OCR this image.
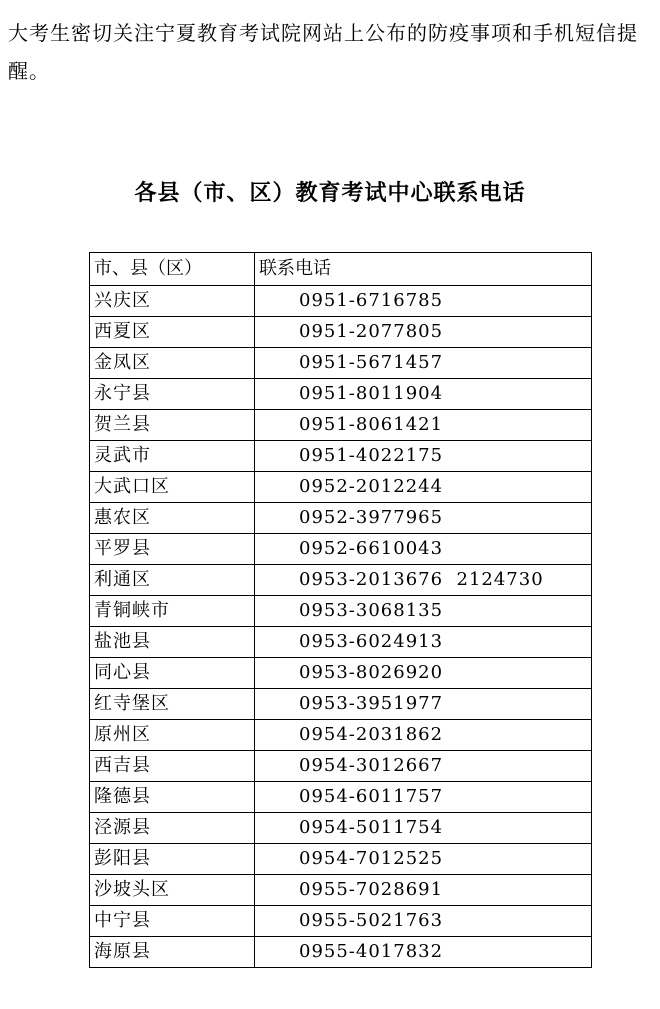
大考生密切关注宁夏教育考试院网站上公布的防疫事项和手机短信提醒。

各县（市、区）教育考试中心联系电话
市、县（区）	联系电话
兴庆区	0951-6716785
西夏区	0951-2077805
金凤区	0951-5671457
永宁县	0951-8011904
贺兰县	0951-8061421
灵武市	0951-4022175
大武口区	0952-2012244
惠农区	0952-3977965
平罗县	0952-6610043
利通区	0953-2013676  2124730
青铜峡市	0953-3068135
盐池县	0953-6024913
同心县	0953-8026920
红寺堡区	0953-3951977
原州区	0954-2031862
西吉县	0954-3012667
隆德县	0954-6011757
泾源县	0954-5011754
彭阳县	0954-7012525
沙坡头区	0955-7028691
中宁县	0955-5021763
海原县	0955-4017832
